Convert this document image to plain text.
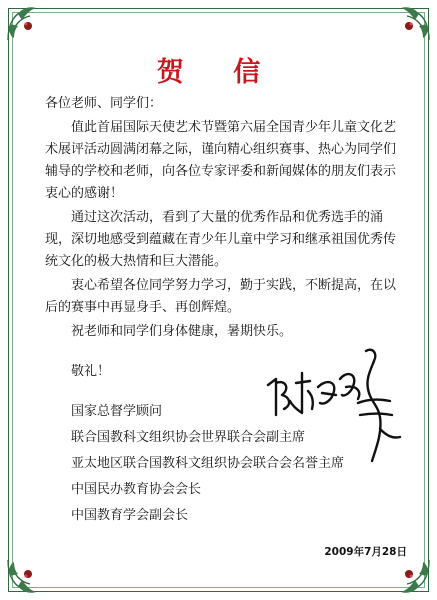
贺 信
各位老师、同学们：
值此首届国际天使艺术节暨第六届全国青少年儿童文化艺
术展评活动圆满闭幕之际，谨向精心组织赛事、热心为同学们
辅导的学校和老师，向各位专家评委和新闻媒体的朋友们表示
衷心的感谢！
通过这次活动，看到了大量的优秀作品和优秀选手的涌
现，深切地感受到蕴藏在青少年儿童中学习和继承祖国优秀传
统文化的极大热情和巨大潜能。
衷心希望各位同学努力学习，勤于实践，不断提高，在以
后的赛事中再显身手、再创辉煌。
祝老师和同学们身体健康，暑期快乐。
敬礼！
国家总督学顾问
联合国教科文组织协会世界联合会副主席
亚太地区联合国教科文组织协会联合会名誉主席
中国民办教育协会会长
中国教育学会副会长
2009年7月28日
